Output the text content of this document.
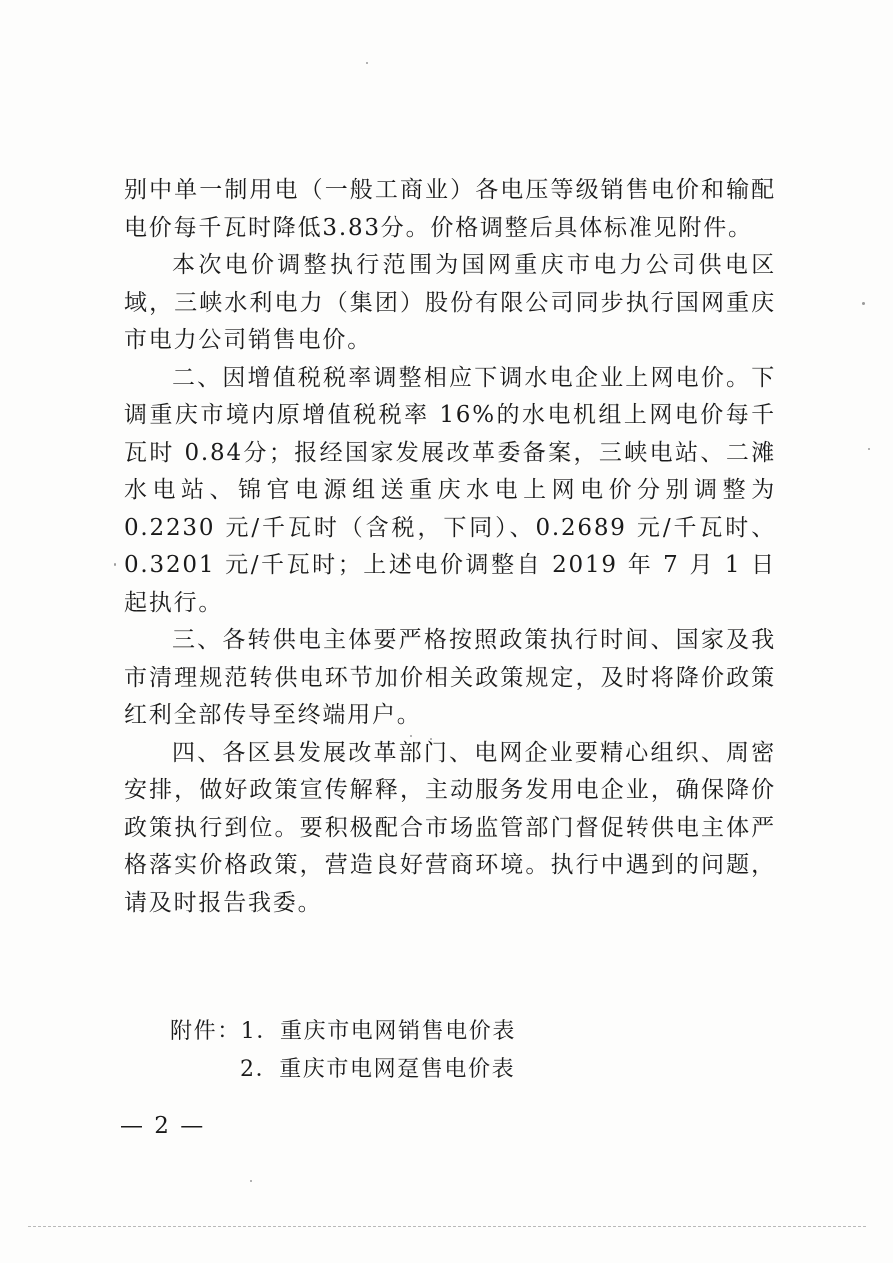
别中单一制用电（一般工商业）各电压等级销售电价和输配电价每千瓦时降低3.83分。价格调整后具体标准见附件。

本次电价调整执行范围为国网重庆市电力公司供电区域，三峡水利电力（集团）股份有限公司同步执行国网重庆市电力公司销售电价。

二、因增值税税率调整相应下调水电企业上网电价。下调重庆市境内原增值税税率 16%的水电机组上网电价每千瓦时 0.84分；报经国家发展改革委备案，三峡电站、二滩水电站、锦官电源组送重庆水电上网电价分别调整为 0.2230 元/千瓦时（含税，下同）、0.2689 元/千瓦时、0.3201 元/千瓦时；上述电价调整自 2019 年 7 月 1 日起执行。

三、各转供电主体要严格按照政策执行时间、国家及我市清理规范转供电环节加价相关政策规定，及时将降价政策红利全部传导至终端用户。

四、各区县发展改革部门、电网企业要精心组织、周密安排，做好政策宣传解释，主动服务发用电企业，确保降价政策执行到位。要积极配合市场监管部门督促转供电主体严格落实价格政策，营造良好营商环境。执行中遇到的问题，请及时报告我委。

附件：1．重庆市电网销售电价表
2．重庆市电网趸售电价表
— 2 —
